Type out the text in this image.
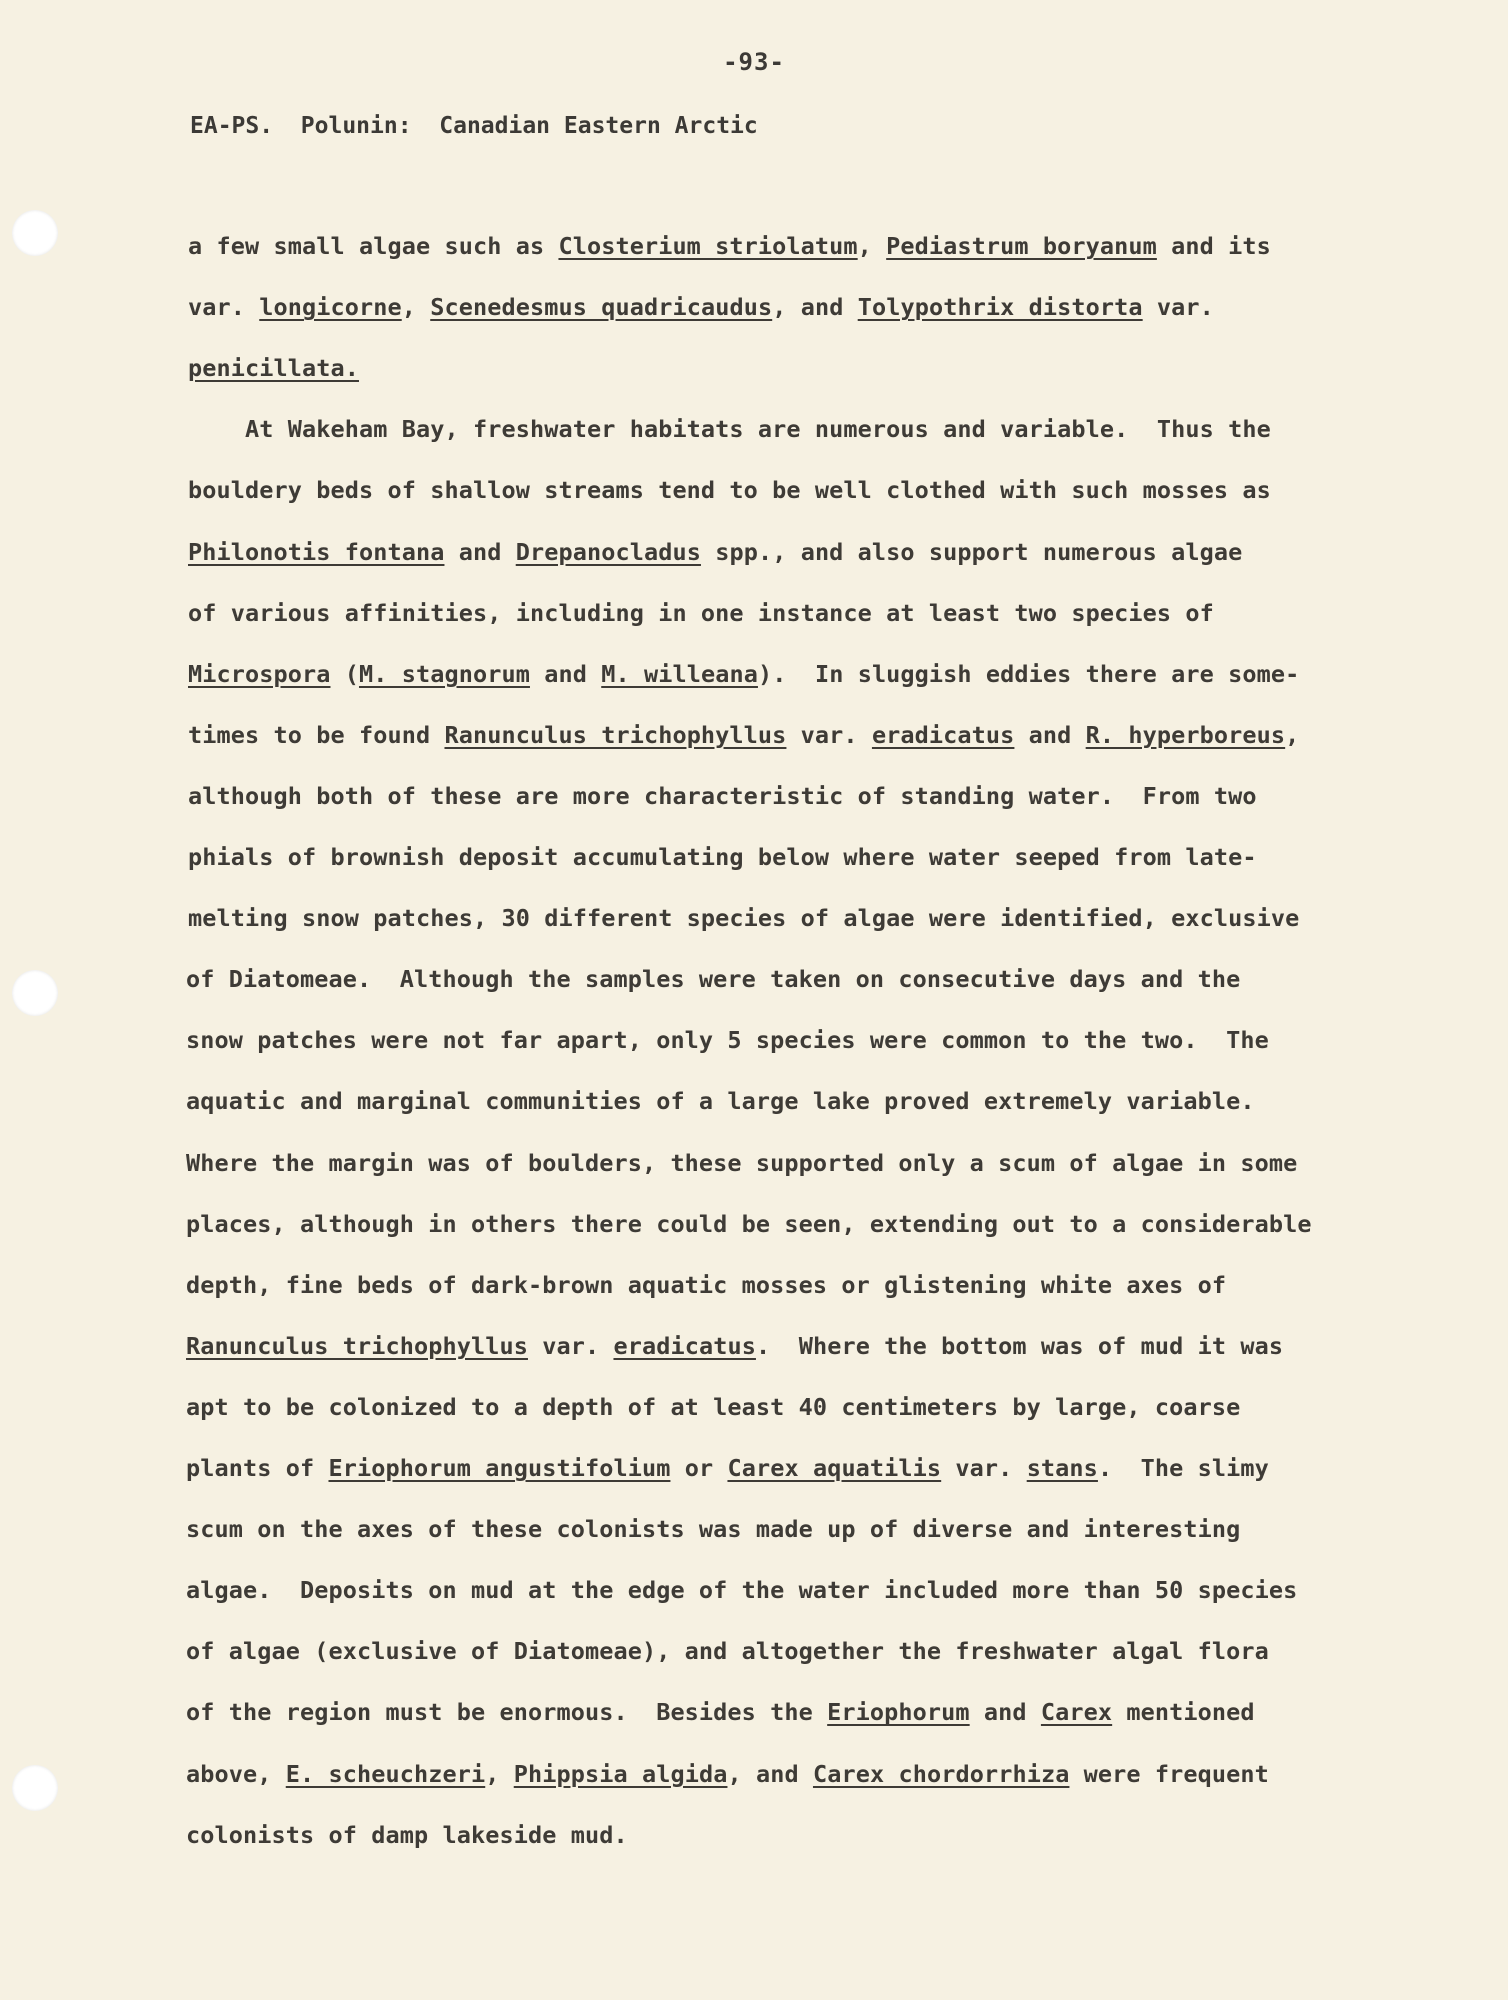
-93-
EA-PS.  Polunin:  Canadian Eastern Arctic
a few small algae such as Closterium striolatum, Pediastrum boryanum and its
var. longicorne, Scenedesmus quadricaudus, and Tolypothrix distorta var.
penicillata.
At Wakeham Bay, freshwater habitats are numerous and variable.  Thus the
bouldery beds of shallow streams tend to be well clothed with such mosses as
Philonotis fontana and Drepanocladus spp., and also support numerous algae
of various affinities, including in one instance at least two species of
Microspora (M. stagnorum and M. willeana).  In sluggish eddies there are some-
times to be found Ranunculus trichophyllus var. eradicatus and R. hyperboreus,
although both of these are more characteristic of standing water.  From two
phials of brownish deposit accumulating below where water seeped from late-
melting snow patches, 30 different species of algae were identified, exclusive
of Diatomeae.  Although the samples were taken on consecutive days and the
snow patches were not far apart, only 5 species were common to the two.  The
aquatic and marginal communities of a large lake proved extremely variable.
Where the margin was of boulders, these supported only a scum of algae in some
places, although in others there could be seen, extending out to a considerable
depth, fine beds of dark-brown aquatic mosses or glistening white axes of
Ranunculus trichophyllus var. eradicatus.  Where the bottom was of mud it was
apt to be colonized to a depth of at least 40 centimeters by large, coarse
plants of Eriophorum angustifolium or Carex aquatilis var. stans.  The slimy
scum on the axes of these colonists was made up of diverse and interesting
algae.  Deposits on mud at the edge of the water included more than 50 species
of algae (exclusive of Diatomeae), and altogether the freshwater algal flora
of the region must be enormous.  Besides the Eriophorum and Carex mentioned
above, E. scheuchzeri, Phippsia algida, and Carex chordorrhiza were frequent
colonists of damp lakeside mud.
